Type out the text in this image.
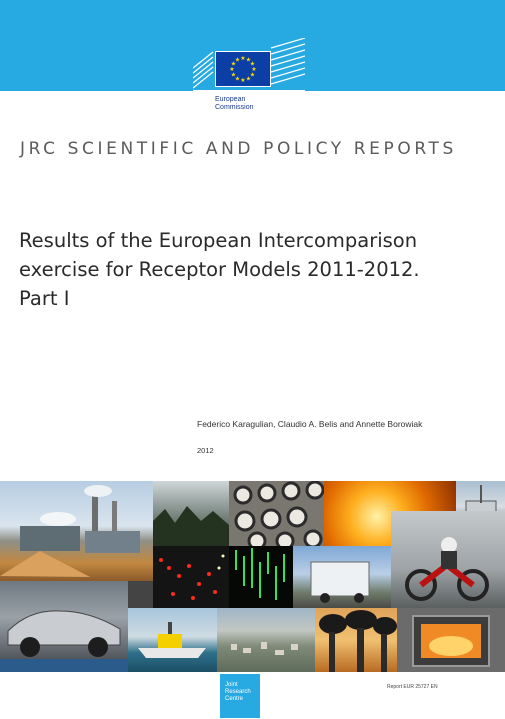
★ ★
★
★
★
★
★
★
★
★
★
★
European
Commission
JRC SCIENTIFIC AND POLICY REPORTS
Results of the European Intercomparison
exercise for Receptor Models 2011-2012.
Part I
Federico Karagulian, Claudio A. Belis and Annette Borowiak
2012
Joint
Research
Centre
Report EUR 25727 EN
